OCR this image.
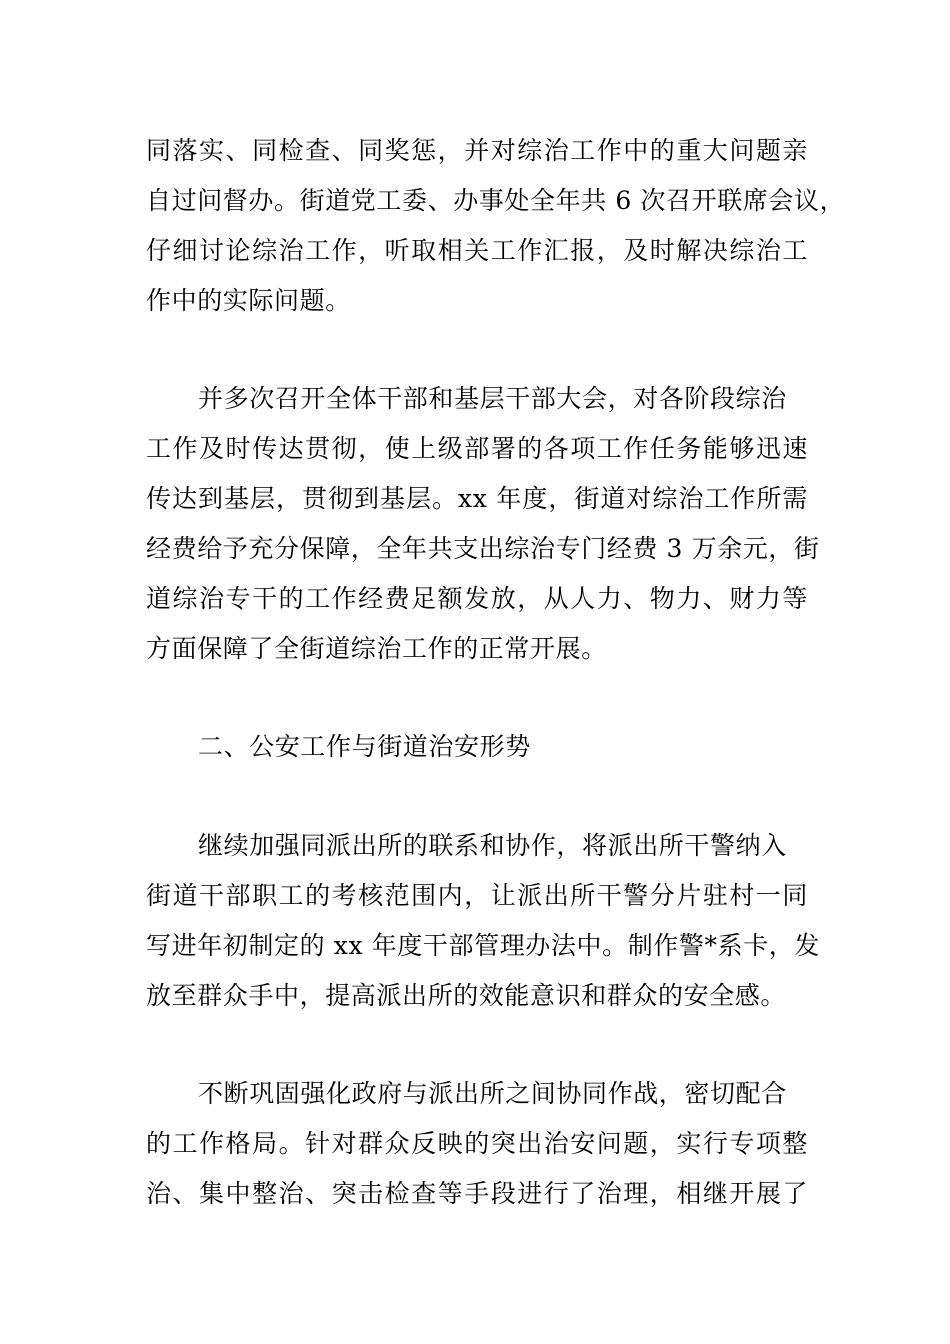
同落实、同检查、同奖惩，并对综治工作中的重大问题亲
自过问督办。街道党工委、办事处全年共 6 次召开联席会议，
仔细讨论综治工作，听取相关工作汇报，及时解决综治工
作中的实际问题。
并多次召开全体干部和基层干部大会，对各阶段综治
工作及时传达贯彻，使上级部署的各项工作任务能够迅速
传达到基层，贯彻到基层。xx 年度，街道对综治工作所需
经费给予充分保障，全年共支出综治专门经费 3 万余元，街
道综治专干的工作经费足额发放，从人力、物力、财力等
方面保障了全街道综治工作的正常开展。
二、公安工作与街道治安形势
继续加强同派出所的联系和协作，将派出所干警纳入
街道干部职工的考核范围内，让派出所干警分片驻村一同
写进年初制定的 xx 年度干部管理办法中。制作警*系卡，发
放至群众手中，提高派出所的效能意识和群众的安全感。
不断巩固强化政府与派出所之间协同作战，密切配合
的工作格局。针对群众反映的突出治安问题，实行专项整
治、集中整治、突击检查等手段进行了治理，相继开展了
